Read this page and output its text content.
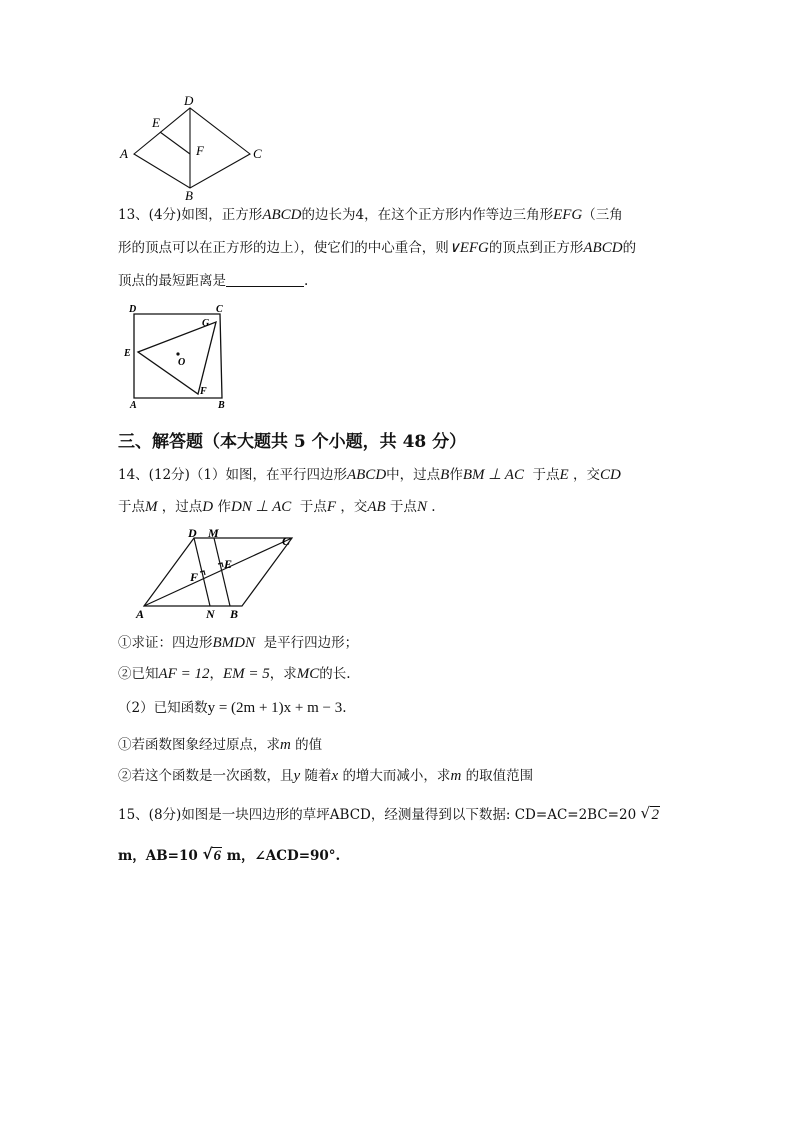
D
E
F
A	C
B
13、(4分)如图，正方形ABCD的边长为4，在这个正方形内作等边三角形EFG（三角
形的顶点可以在正方形的边上），使它们的中心重合，则∨EFG的顶点到正方形ABCD的
顶点的最短距离是	.
D	C
G
E
O
F
A	B
三、解答题（本大题共 5 个小题，共 48 分）
14、(12分)（1）如图，在平行四边形ABCD中，过点B作BM ⊥ AC 于点E ，交CD
于点M ，过点D 作DN ⊥ AC 于点F ，交AB 于点N .
D M
C
E
F
A	N B
①求证：四边形BMDN 是平行四边形；
②已知AF = 12，EM = 5，求MC的长.
（2）已知函数y = (2m + 1)x + m − 3.
①若函数图象经过原点，求m 的值
②若这个函数是一次函数，且y 随着x 的增大而减小，求m 的取值范围
15、(8分)如图是一块四边形的草坪ABCD，经测量得到以下数据: CD=AC=2BC=20 √ 2
m，AB=10 √ 6 m，∠ACD=90°.
